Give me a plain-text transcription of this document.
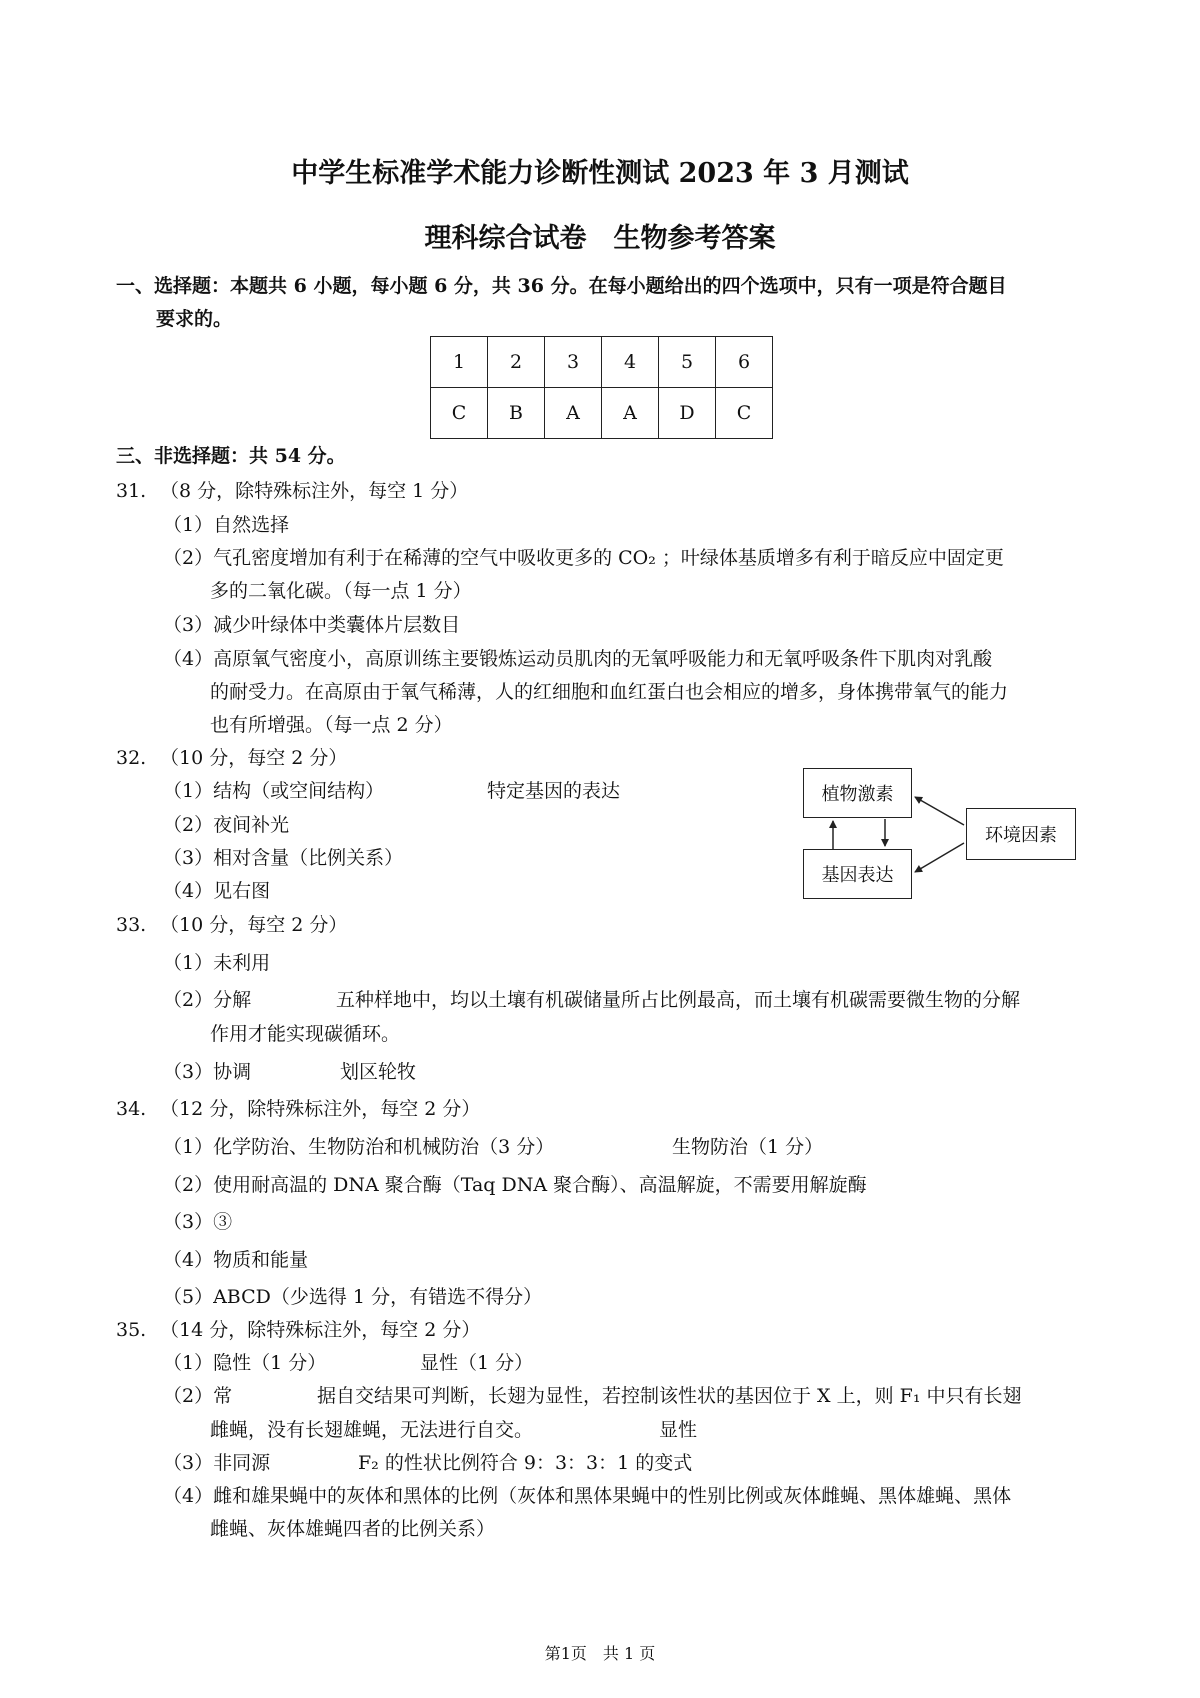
中学生标准学术能力诊断性测试 2023 年 3 月测试
理科综合试卷　生物参考答案
一、选择题：本题共 6 小题，每小题 6 分，共 36 分。在每小题给出的四个选项中，只有一项是符合题目
要求的。
1	2	3	4	5	6
C	B	A	A	D	C
三、非选择题：共 54 分。
31. （8 分，除特殊标注外，每空 1 分）
（1）自然选择
（2）气孔密度增加有利于在稀薄的空气中吸收更多的 CO₂ ；叶绿体基质增多有利于暗反应中固定更
多的二氧化碳。（每一点 1 分）
（3）减少叶绿体中类囊体片层数目
（4）高原氧气密度小，高原训练主要锻炼运动员肌肉的无氧呼吸能力和无氧呼吸条件下肌肉对乳酸
的耐受力。在高原由于氧气稀薄，人的红细胞和血红蛋白也会相应的增多，身体携带氧气的能力
也有所增强。（每一点 2 分）
32. （10 分，每空 2 分）
（1）结构（或空间结构）	特定基因的表达
（2）夜间补光
（3）相对含量（比例关系）
（4）见右图
植物激素
基因表达
环境因素
33. （10 分，每空 2 分）
（1）未利用
（2）分解	五种样地中，均以土壤有机碳储量所占比例最高，而土壤有机碳需要微生物的分解
作用才能实现碳循环。
（3）协调	划区轮牧
34. （12 分，除特殊标注外，每空 2 分）
（1）化学防治、生物防治和机械防治（3 分）	生物防治（1 分）
（2）使用耐高温的 DNA 聚合酶（Taq DNA 聚合酶）、高温解旋，不需要用解旋酶
（3）③
（4）物质和能量
（5）ABCD（少选得 1 分，有错选不得分）
35. （14 分，除特殊标注外，每空 2 分）
（1）隐性（1 分）	显性（1 分）
（2）常	据自交结果可判断，长翅为显性，若控制该性状的基因位于 X 上，则 F₁ 中只有长翅
雌蝇，没有长翅雄蝇，无法进行自交。	显性
（3）非同源	F₂ 的性状比例符合 9：3：3：1 的变式
（4）雌和雄果蝇中的灰体和黑体的比例（灰体和黑体果蝇中的性别比例或灰体雌蝇、黑体雄蝇、黑体
雌蝇、灰体雄蝇四者的比例关系）
第1页　共 1 页
